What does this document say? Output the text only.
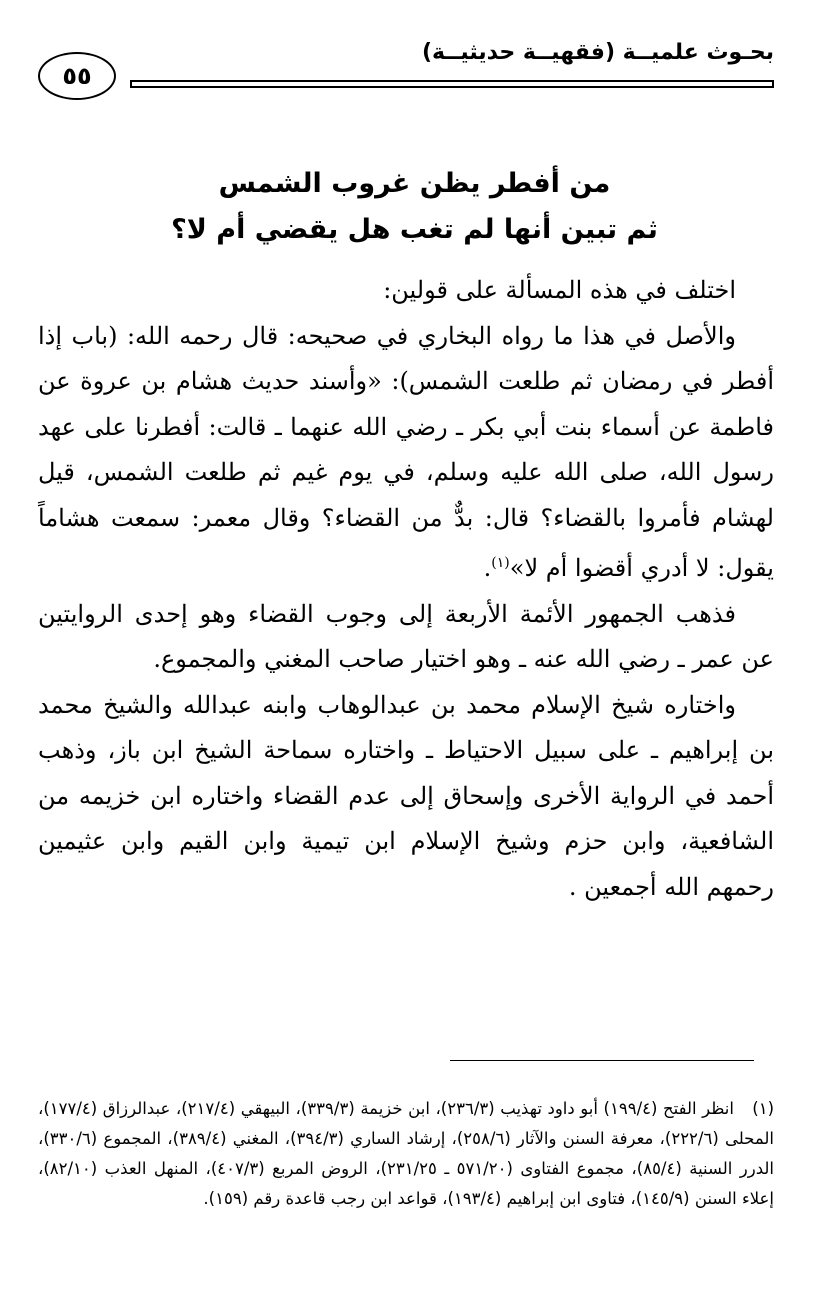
بحـوث علميــة (فقهيــة حديثيــة)
٥٥
من أفطر يظن غروب الشمس
ثم تبين أنها لم تغب هل يقضي أم لا؟

اختلف في هذه المسألة على قولين:

والأصل في هذا ما رواه البخاري في صحيحه: قال رحمه الله: (باب إذا أفطر في رمضان ثم طلعت الشمس): «وأسند حديث هشام بن عروة عن فاطمة عن أسماء بنت أبي بكر ـ رضي الله عنهما ـ قالت: أفطرنا على عهد رسول الله، صلى الله عليه وسلم، في يوم غيم ثم طلعت الشمس، قيل لهشام فأمروا بالقضاء؟ قال: بدٌّ من القضاء؟ وقال معمر: سمعت هشاماً يقول: لا أدري أقضوا أم لا»$^{(١)}$.

فذهب الجمهور الأئمة الأربعة إلى وجوب القضاء وهو إحدى الروايتين عن عمر ـ رضي الله عنه ـ وهو اختيار صاحب المغني والمجموع.

واختاره شيخ الإسلام محمد بن عبدالوهاب وابنه عبدالله والشيخ محمد بن إبراهيم ـ على سبيل الاحتياط ـ واختاره سماحة الشيخ ابن باز، وذهب أحمد في الرواية الأخرى وإسحاق إلى عدم القضاء واختاره ابن خزيمه من الشافعية، وابن حزم وشيخ الإسلام ابن تيمية وابن القيم وابن عثيمين رحمهم الله أجمعين .

(١)انظر الفتح (١٩٩/٤) أبو داود تهذيب (٢٣٦/٣)، ابن خزيمة (٣٣٩/٣)، البيهقي (٢١٧/٤)، عبدالرزاق (١٧٧/٤)، المحلى (٢٢٢/٦)، معرفة السنن والآثار (٢٥٨/٦)، إرشاد الساري (٣٩٤/٣)، المغني (٣٨٩/٤)، المجموع (٣٣٠/٦)، الدرر السنية (٨٥/٤)، مجموع الفتاوى (٥٧١/٢٠ ـ ٢٣١/٢٥)، الروض المربع (٤٠٧/٣)، المنهل العذب (٨٢/١٠)، إعلاء السنن (١٤٥/٩)، فتاوى ابن إبراهيم (١٩٣/٤)، قواعد ابن رجب قاعدة رقم (١٥٩).
